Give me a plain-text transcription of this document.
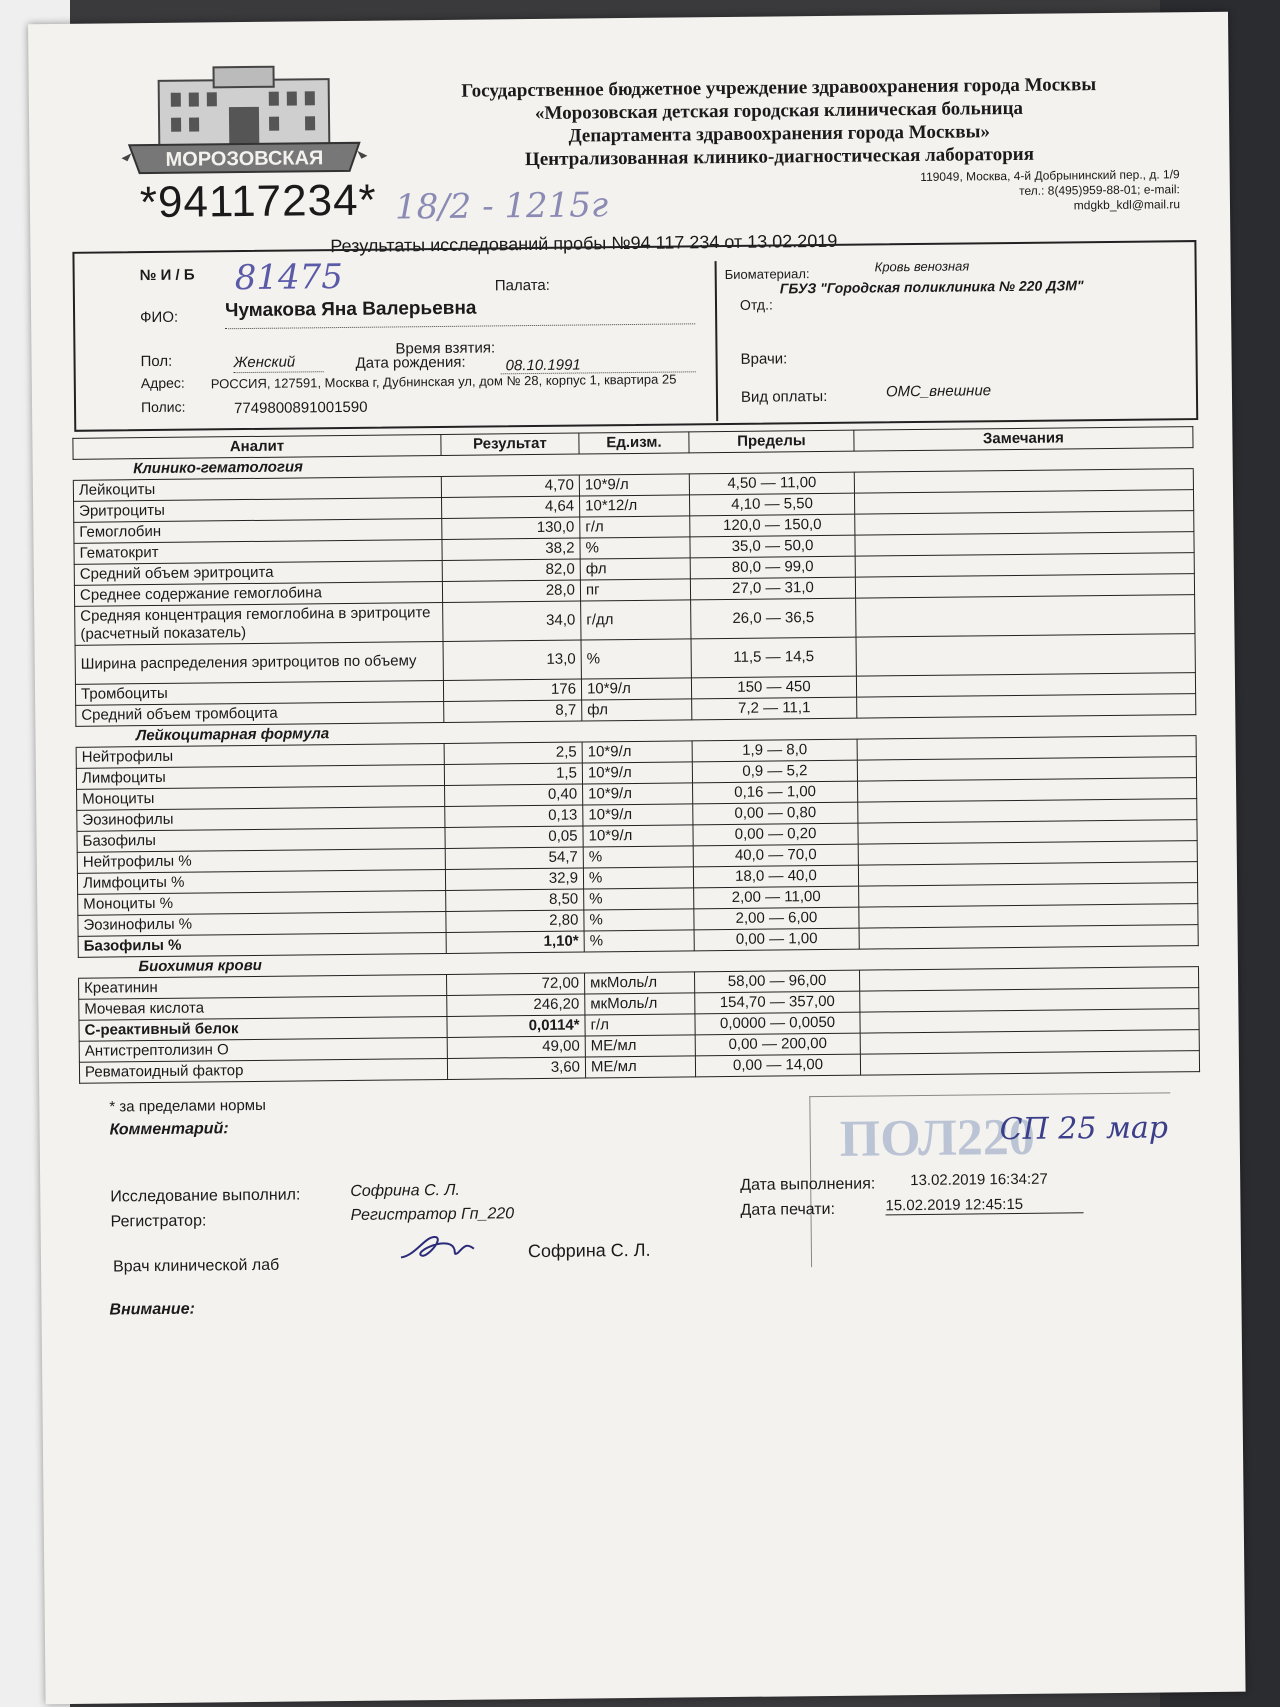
МОРОЗОВСКАЯ
Государственное бюджетное учреждение здравоохранения города Москвы
«Морозовская детская городская клиническая больница
Департамента здравоохранения города Москвы»
Централизованная клинико-диагностическая лаборатория
119049, Москва, 4-й Добрынинский пер., д. 1/9
тел.: 8(495)959-88-01; e-mail:
mdgkb_kdl@mail.ru
*94117234* 18/2 - 1215г
Результаты исследований пробы №94 117 234 от 13.02.2019
№ И / Б 81475	Палата:
ФИО: Чумакова Яна Валерьевна
Время взятия:
Пол:	Женский	Дата рождения:	08.10.1991
Адрес: РОССИЯ, 127591, Москва г, Дубнинская ул, дом № 28, корпус 1, квартира 25
Полис:	7749800891001590
Биоматериал:	Кровь венозная
Отд.:
ГБУЗ "Городская поликлиника № 220 ДЗМ"
Врачи:
Вид оплаты:	ОМС_внешние
Аналит	Результат	Ед.изм.	Пределы	Замечания
Клинико-гематология				
Лейкоциты	4,70	10*9/л	4,50 — 11,00	
Эритроциты	4,64	10*12/л	4,10 — 5,50	
Гемоглобин	130,0	г/л	120,0 — 150,0	
Гематокрит	38,2	%	35,0 — 50,0	
Средний объем эритроцита	82,0	фл	80,0 — 99,0	
Среднее содержание гемоглобина	28,0	пг	27,0 — 31,0	
Средняя концентрация гемоглобина в эритроците (расчетный показатель)	34,0	г/дл	26,0 — 36,5	
Ширина распределения эритроцитов по объему	13,0	%	11,5 — 14,5	
Тромбоциты	176	10*9/л	150 — 450	
Средний объем тромбоцита	8,7	фл	7,2 — 11,1	
Лейкоцитарная формула				
Нейтрофилы	2,5	10*9/л	1,9 — 8,0	
Лимфоциты	1,5	10*9/л	0,9 — 5,2	
Моноциты	0,40	10*9/л	0,16 — 1,00	
Эозинофилы	0,13	10*9/л	0,00 — 0,80	
Базофилы	0,05	10*9/л	0,00 — 0,20	
Нейтрофилы %	54,7	%	40,0 — 70,0	
Лимфоциты %	32,9	%	18,0 — 40,0	
Моноциты %	8,50	%	2,00 — 11,00	
Эозинофилы %	2,80	%	2,00 — 6,00	
Базофилы %	1,10*	%	0,00 — 1,00	
Биохимия крови				
Креатинин	72,00	мкМоль/л	58,00 — 96,00	
Мочевая кислота	246,20	мкМоль/л	154,70 — 357,00	
С-реактивный белок	0,0114*	г/л	0,0000 — 0,0050	
Антистрептолизин О	49,00	МЕ/мл	0,00 — 200,00	
Ревматоидный фактор	3,60	МЕ/мл	0,00 — 14,00	
* за пределами нормы
Комментарий:	ПОЛ220
СП 25 мар
Исследование выполнил:	Софрина С. Л.
Регистратор:	Регистратор Гп_220
Врач клинической лаб
Софрина С. Л.
Внимание:
Дата выполнения: 13.02.2019 16:34:27
Дата печати:	15.02.2019 12:45:15
